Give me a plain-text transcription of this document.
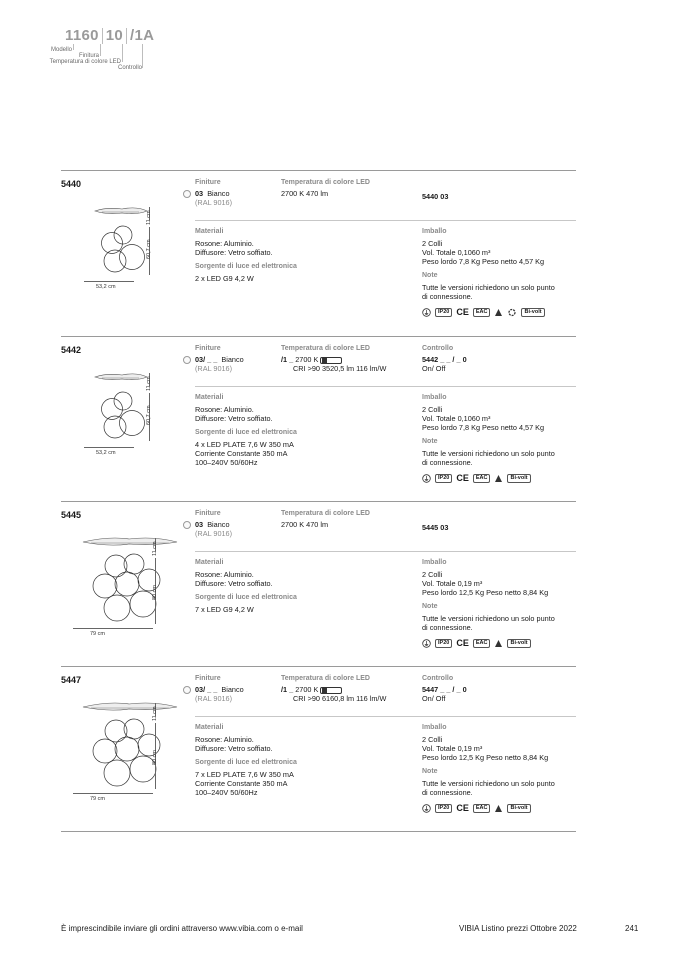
1160 10 /1A
Modello
Finitura
Temperatura di colore LED
Controllo
5440
11 cm
60,7 cm
53,2 cm
Finiture
03 Bianco
(RAL 9016)
Temperatura di colore LED
2700 K 470 lm	5440 03
Materiali
Rosone: Aluminio.
Diffusore: Vetro soffiato.
Sorgente di luce ed elettronica
2 x LED G9 4,2 W
Imballo
2 Colli
Vol. Totale 0,1060 m³
Peso lordo 7,8 Kg Peso netto 4,57 Kg
Note
Tutte le versioni richiedono un solo punto
di connessione.
IP20 CE	EAC	Bi-volt
5442
11 cm
60,7 cm
53,2 cm
Finiture
03/ _ _ Bianco
(RAL 9016)
Temperatura di colore LED
/1 _ 2700 K
CRI >90 3520,5 lm 116 lm/W
Controllo
5442 _ _ / _ 0
On/ Off
Materiali
Rosone: Aluminio.
Diffusore: Vetro soffiato.
Sorgente di luce ed elettronica
4 x LED PLATE 7,6 W 350 mA
Corriente Constante 350 mA
100–240V 50/60Hz
Imballo
2 Colli
Vol. Totale 0,1060 m³
Peso lordo 7,8 Kg Peso netto 4,57 Kg
Note
Tutte le versioni richiedono un solo punto
di connessione.
IP20 CE	EAC	Bi-volt
5445
11 cm
80 cm
79 cm
Finiture
03 Bianco
(RAL 9016)
Temperatura di colore LED
2700 K 470 lm	5445 03
Materiali
Rosone: Aluminio.
Diffusore: Vetro soffiato.
Sorgente di luce ed elettronica
7 x LED G9 4,2 W
Imballo
2 Colli
Vol. Totale 0,19 m³
Peso lordo 12,5 Kg Peso netto 8,84 Kg
Note
Tutte le versioni richiedono un solo punto
di connessione.
IP20 CE	EAC	Bi-volt
5447
11 cm
80 cm
79 cm
Finiture
03/ _ _ Bianco
(RAL 9016)
Temperatura di colore LED
/1 _ 2700 K
CRI >90 6160,8 lm 116 lm/W
Controllo
5447 _ _ / _ 0
On/ Off
Materiali
Rosone: Aluminio.
Diffusore: Vetro soffiato.
Sorgente di luce ed elettronica
7 x LED PLATE 7,6 W 350 mA
Corriente Constante 350 mA
100–240V 50/60Hz
Imballo
2 Colli
Vol. Totale 0,19 m³
Peso lordo 12,5 Kg Peso netto 8,84 Kg
Note
Tutte le versioni richiedono un solo punto
di connessione.
IP20 CE	EAC	Bi-volt
È imprescindibile inviare gli ordini attraverso www.vibia.com o e-mail	VIBIA Listino prezzi Ottobre 2022	241
